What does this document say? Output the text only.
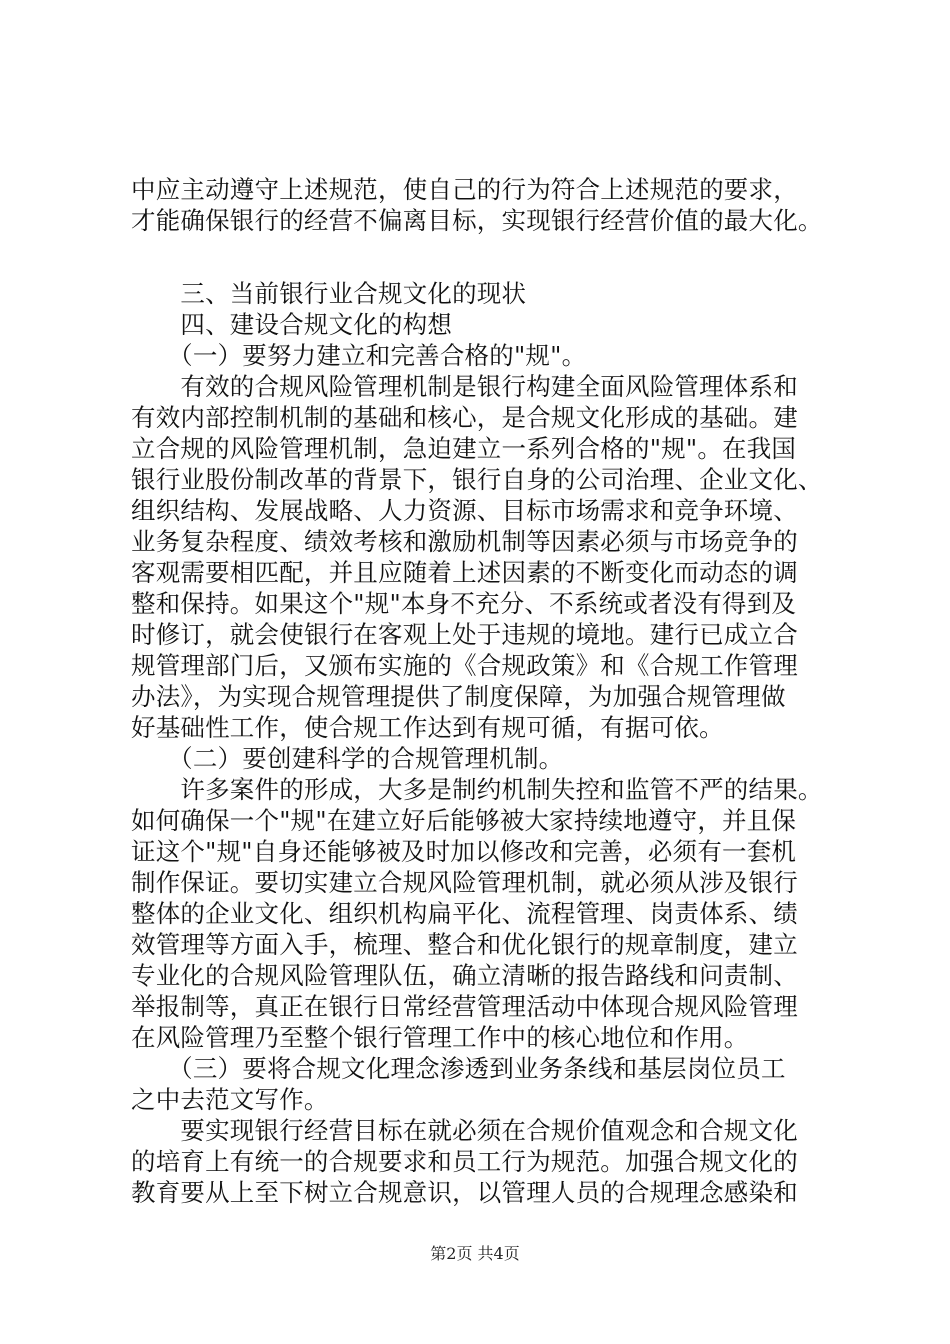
中应主动遵守上述规范，使自己的行为符合上述规范的要求，
才能确保银行的经营不偏离目标，实现银行经营价值的最大化。
　　三、当前银行业合规文化的现状
　　四、建设合规文化的构想
　　（一）要努力建立和完善合格的"规"。
　　有效的合规风险管理机制是银行构建全面风险管理体系和
有效内部控制机制的基础和核心，是合规文化形成的基础。建
立合规的风险管理机制，急迫建立一系列合格的"规"。在我国
银行业股份制改革的背景下，银行自身的公司治理、企业文化、
组织结构、发展战略、人力资源、目标市场需求和竞争环境、
业务复杂程度、绩效考核和激励机制等因素必须与市场竞争的
客观需要相匹配，并且应随着上述因素的不断变化而动态的调
整和保持。如果这个"规"本身不充分、不系统或者没有得到及
时修订，就会使银行在客观上处于违规的境地。建行已成立合
规管理部门后，又颁布实施的《合规政策》和《合规工作管理
办法》，为实现合规管理提供了制度保障，为加强合规管理做
好基础性工作，使合规工作达到有规可循，有据可依。
　　（二）要创建科学的合规管理机制。
　　许多案件的形成，大多是制约机制失控和监管不严的结果。
如何确保一个"规"在建立好后能够被大家持续地遵守，并且保
证这个"规"自身还能够被及时加以修改和完善，必须有一套机
制作保证。要切实建立合规风险管理机制，就必须从涉及银行
整体的企业文化、组织机构扁平化、流程管理、岗责体系、绩
效管理等方面入手，梳理、整合和优化银行的规章制度，建立
专业化的合规风险管理队伍，确立清晰的报告路线和问责制、
举报制等，真正在银行日常经营管理活动中体现合规风险管理
在风险管理乃至整个银行管理工作中的核心地位和作用。
　　（三）要将合规文化理念渗透到业务条线和基层岗位员工
之中去范文写作。
　　要实现银行经营目标在就必须在合规价值观念和合规文化
的培育上有统一的合规要求和员工行为规范。加强合规文化的
教育要从上至下树立合规意识，以管理人员的合规理念感染和
第2页 共4页
